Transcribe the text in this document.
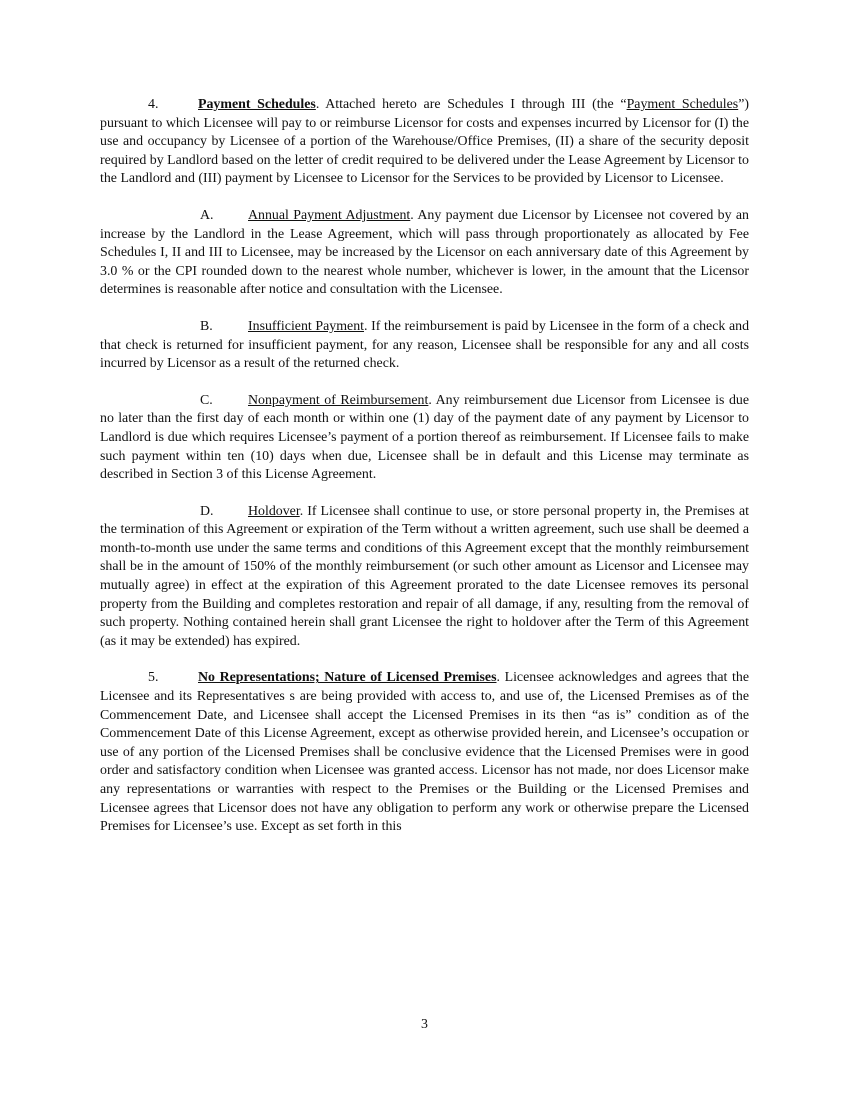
4.	Payment Schedules. Attached hereto are Schedules I through III (the “Payment Schedules”) pursuant to which Licensee will pay to or reimburse Licensor for costs and expenses incurred by Licensor for (I) the use and occupancy by Licensee of a portion of the Warehouse/Office Premises, (II) a share of the security deposit required by Landlord based on the letter of credit required to be delivered under the Lease Agreement by Licensor to the Landlord and (III) payment by Licensee to Licensor for the Services to be provided by Licensor to Licensee.

A. Annual Payment Adjustment. Any payment due Licensor by Licensee not covered by an increase by the Landlord in the Lease Agreement, which will pass through proportionately as allocated by Fee Schedules I, II and III to Licensee, may be increased by the Licensor on each anniversary date of this Agreement by 3.0 % or the CPI rounded down to the nearest whole number, whichever is lower, in the amount that the Licensor determines is reasonable after notice and consultation with the Licensee.

B.	Insufficient Payment. If the reimbursement is paid by Licensee in the form of a check and that check is returned for insufficient payment, for any reason, Licensee shall be responsible for any and all costs incurred by Licensor as a result of the returned check.

C.	Nonpayment of Reimbursement. Any reimbursement due Licensor from Licensee is due no later than the first day of each month or within one (1) day of the payment date of any payment by Licensor to Landlord is due which requires Licensee’s payment of a portion thereof as reimbursement. If Licensee fails to make such payment within ten (10) days when due, Licensee shall be in default and this License may terminate as described in Section 3 of this License Agreement.

D. Holdover. If Licensee shall continue to use, or store personal property in, the Premises at the termination of this Agreement or expiration of the Term without a written agreement, such use shall be deemed a month-to-month use under the same terms and conditions of this Agreement except that the monthly reimbursement shall be in the amount of 150% of the monthly reimbursement (or such other amount as Licensor and Licensee may mutually agree) in effect at the expiration of this Agreement prorated to the date Licensee removes its personal property from the Building and completes restoration and repair of all damage, if any, resulting from the removal of such property. Nothing contained herein shall grant Licensee the right to holdover after the Term of this Agreement (as it may be extended) has expired.

5.	No Representations; Nature of Licensed Premises. Licensee acknowledges and agrees that the Licensee and its Representatives s are being provided with access to, and use of, the Licensed Premises as of the Commencement Date, and Licensee shall accept the Licensed Premises in its then “as is” condition as of the Commencement Date of this License Agreement, except as otherwise provided herein, and Licensee’s occupation or use of any portion of the Licensed Premises shall be conclusive evidence that the Licensed Premises were in good order and satisfactory condition when Licensee was granted access. Licensor has not made, nor does Licensor make any representations or warranties with respect to the Premises or the Building or the Licensed Premises and Licensee agrees that Licensor does not have any obligation to perform any work or otherwise prepare the Licensed Premises for Licensee’s use. Except as set forth in this

3
